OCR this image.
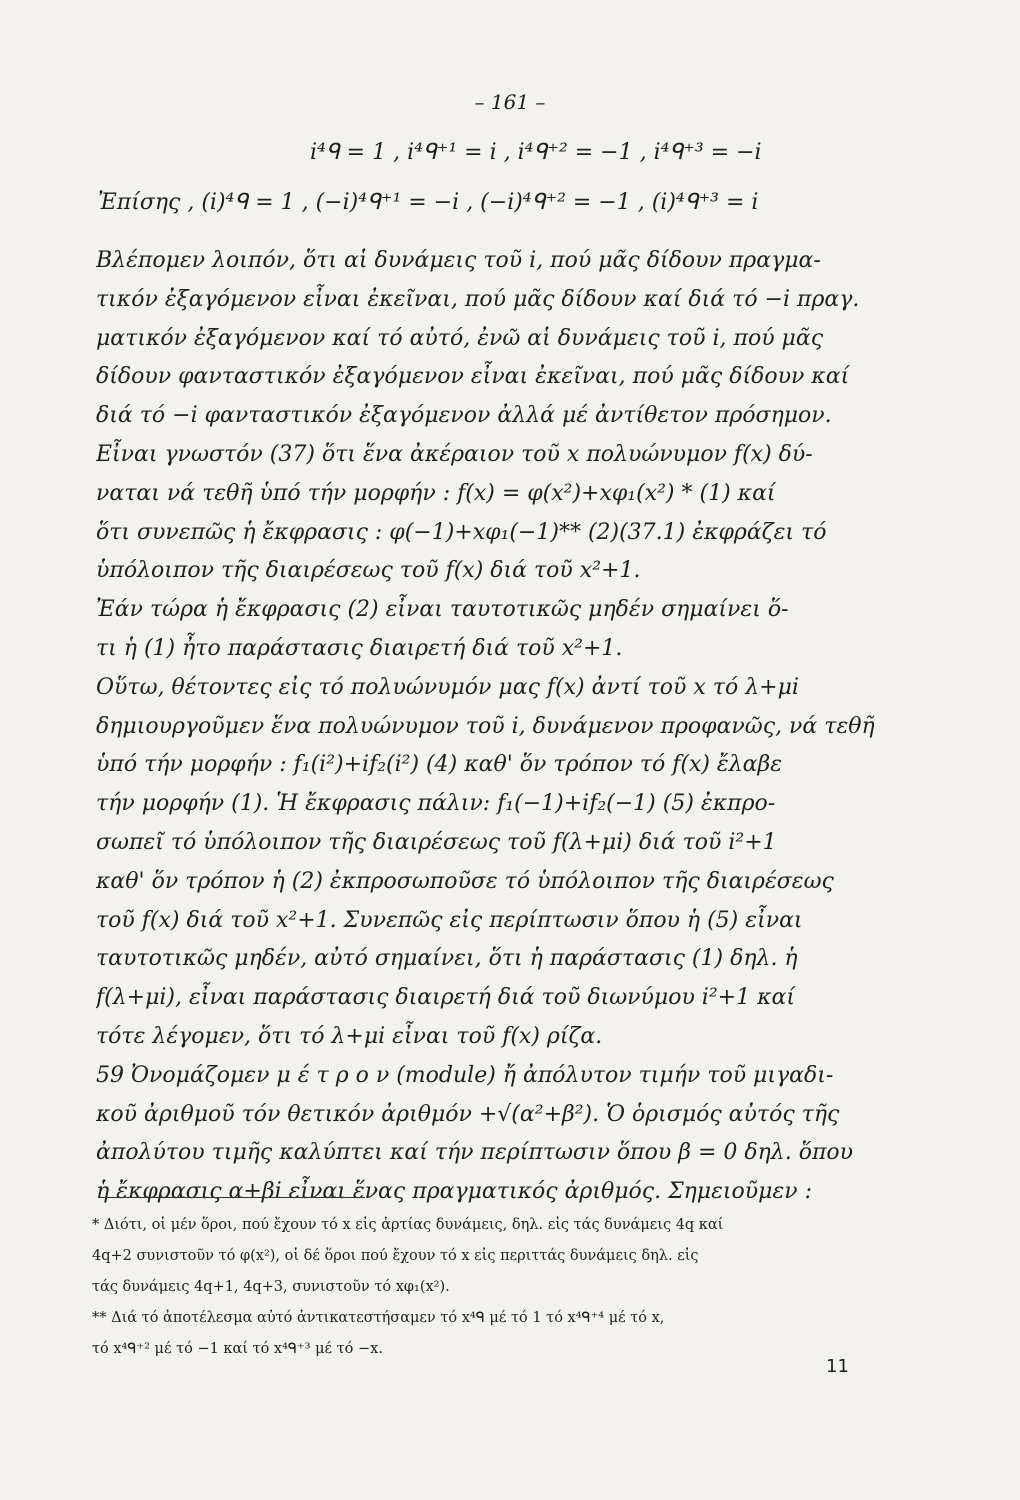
– 161 –
i⁴ᑫ = 1 , i⁴ᑫ⁺¹ = i , i⁴ᑫ⁺² = −1 , i⁴ᑫ⁺³ = −i
Ἐπίσης , (i)⁴ᑫ = 1 , (−i)⁴ᑫ⁺¹ = −i , (−i)⁴ᑫ⁺² = −1 , (i)⁴ᑫ⁺³ = i
Βλέπομεν λοιπόν, ὅτι αἱ δυνάμεις τοῦ i, πού μᾶς δίδουν πραγμα-
τικόν ἐξαγόμενον εἶναι ἐκεῖναι, πού μᾶς δίδουν καί διά τό −i πραγ.
ματικόν ἐξαγόμενον καί τό αὐτό, ἐνῶ αἱ δυνάμεις τοῦ i, πού μᾶς
δίδουν φανταστικόν ἐξαγόμενον εἶναι ἐκεῖναι, πού μᾶς δίδουν καί
διά τό −i φανταστικόν ἐξαγόμενον ἀλλά μέ ἀντίθετον πρόσημον.
Εἶναι γνωστόν (37) ὅτι ἕνα ἀκέραιον τοῦ x πολυώνυμον f(x) δύ-
ναται νά τεθῆ ὑπό τήν μορφήν : f(x) = φ(x²)+xφ₁(x²) * (1) καί
ὅτι συνεπῶς ἡ ἔκφρασις : φ(−1)+xφ₁(−1)** (2)(37.1) ἐκφράζει τό
ὑπόλοιπον τῆς διαιρέσεως τοῦ f(x) διά τοῦ x²+1.
Ἐάν τώρα ἡ ἔκφρασις (2) εἶναι ταυτοτικῶς μηδέν σημαίνει ὅ-
τι ἡ (1) ἦτο παράστασις διαιρετή διά τοῦ x²+1.
Οὕτω, θέτοντες εἰς τό πολυώνυμόν μας f(x) ἀντί τοῦ x τό λ+μi
δημιουργοῦμεν ἕνα πολυώνυμον τοῦ i, δυνάμενον προφανῶς, νά τεθῆ
ὑπό τήν μορφήν : f₁(i²)+if₂(i²) (4) καθ' ὅν τρόπον τό f(x) ἔλαβε
τήν μορφήν (1). Ἡ ἔκφρασις πάλιν: f₁(−1)+if₂(−1) (5) ἐκπρο-
σωπεῖ τό ὑπόλοιπον τῆς διαιρέσεως τοῦ f(λ+μi) διά τοῦ i²+1
καθ' ὅν τρόπον ἡ (2) ἐκπροσωποῦσε τό ὑπόλοιπον τῆς διαιρέσεως
τοῦ f(x) διά τοῦ x²+1. Συνεπῶς εἰς περίπτωσιν ὅπου ἡ (5) εἶναι
ταυτοτικῶς μηδέν, αὐτό σημαίνει, ὅτι ἡ παράστασις (1) δηλ. ἡ
f(λ+μi), εἶναι παράστασις διαιρετή διά τοῦ διωνύμου i²+1 καί
τότε λέγομεν, ὅτι τό λ+μi εἶναι τοῦ f(x) ρίζα.
59 Ὀνομάζομεν μ έ τ ρ ο ν (module) ἤ ἀπόλυτον τιμήν τοῦ μιγαδι-
κοῦ ἀριθμοῦ τόν θετικόν ἀριθμόν +√(α²+β²). Ὁ ὁρισμός αὐτός τῆς
ἀπολύτου τιμῆς καλύπτει καί τήν περίπτωσιν ὅπου β = 0 δηλ. ὅπου
ἡ ἔκφρασις α+βi εἶναι ἕνας πραγματικός ἀριθμός. Σημειοῦμεν :
* Διότι, οἱ μέν ὅροι, πού ἔχουν τό x εἰς ἀρτίας δυνάμεις, δηλ. εἰς τάς δυνάμεις 4q καί
4q+2 συνιστοῦν τό φ(x²), οἱ δέ ὅροι πού ἔχουν τό x εἰς περιττάς δυνάμεις δηλ. εἰς
τάς δυνάμεις 4q+1, 4q+3, συνιστοῦν τό xφ₁(x²).
** Διά τό ἀποτέλεσμα αὐτό ἀντικατεστήσαμεν τό x⁴ᑫ μέ τό 1 τό x⁴ᑫ⁺⁴ μέ τό x,
τό x⁴ᑫ⁺² μέ τό −1 καί τό x⁴ᑫ⁺³ μέ τό −x.
11
